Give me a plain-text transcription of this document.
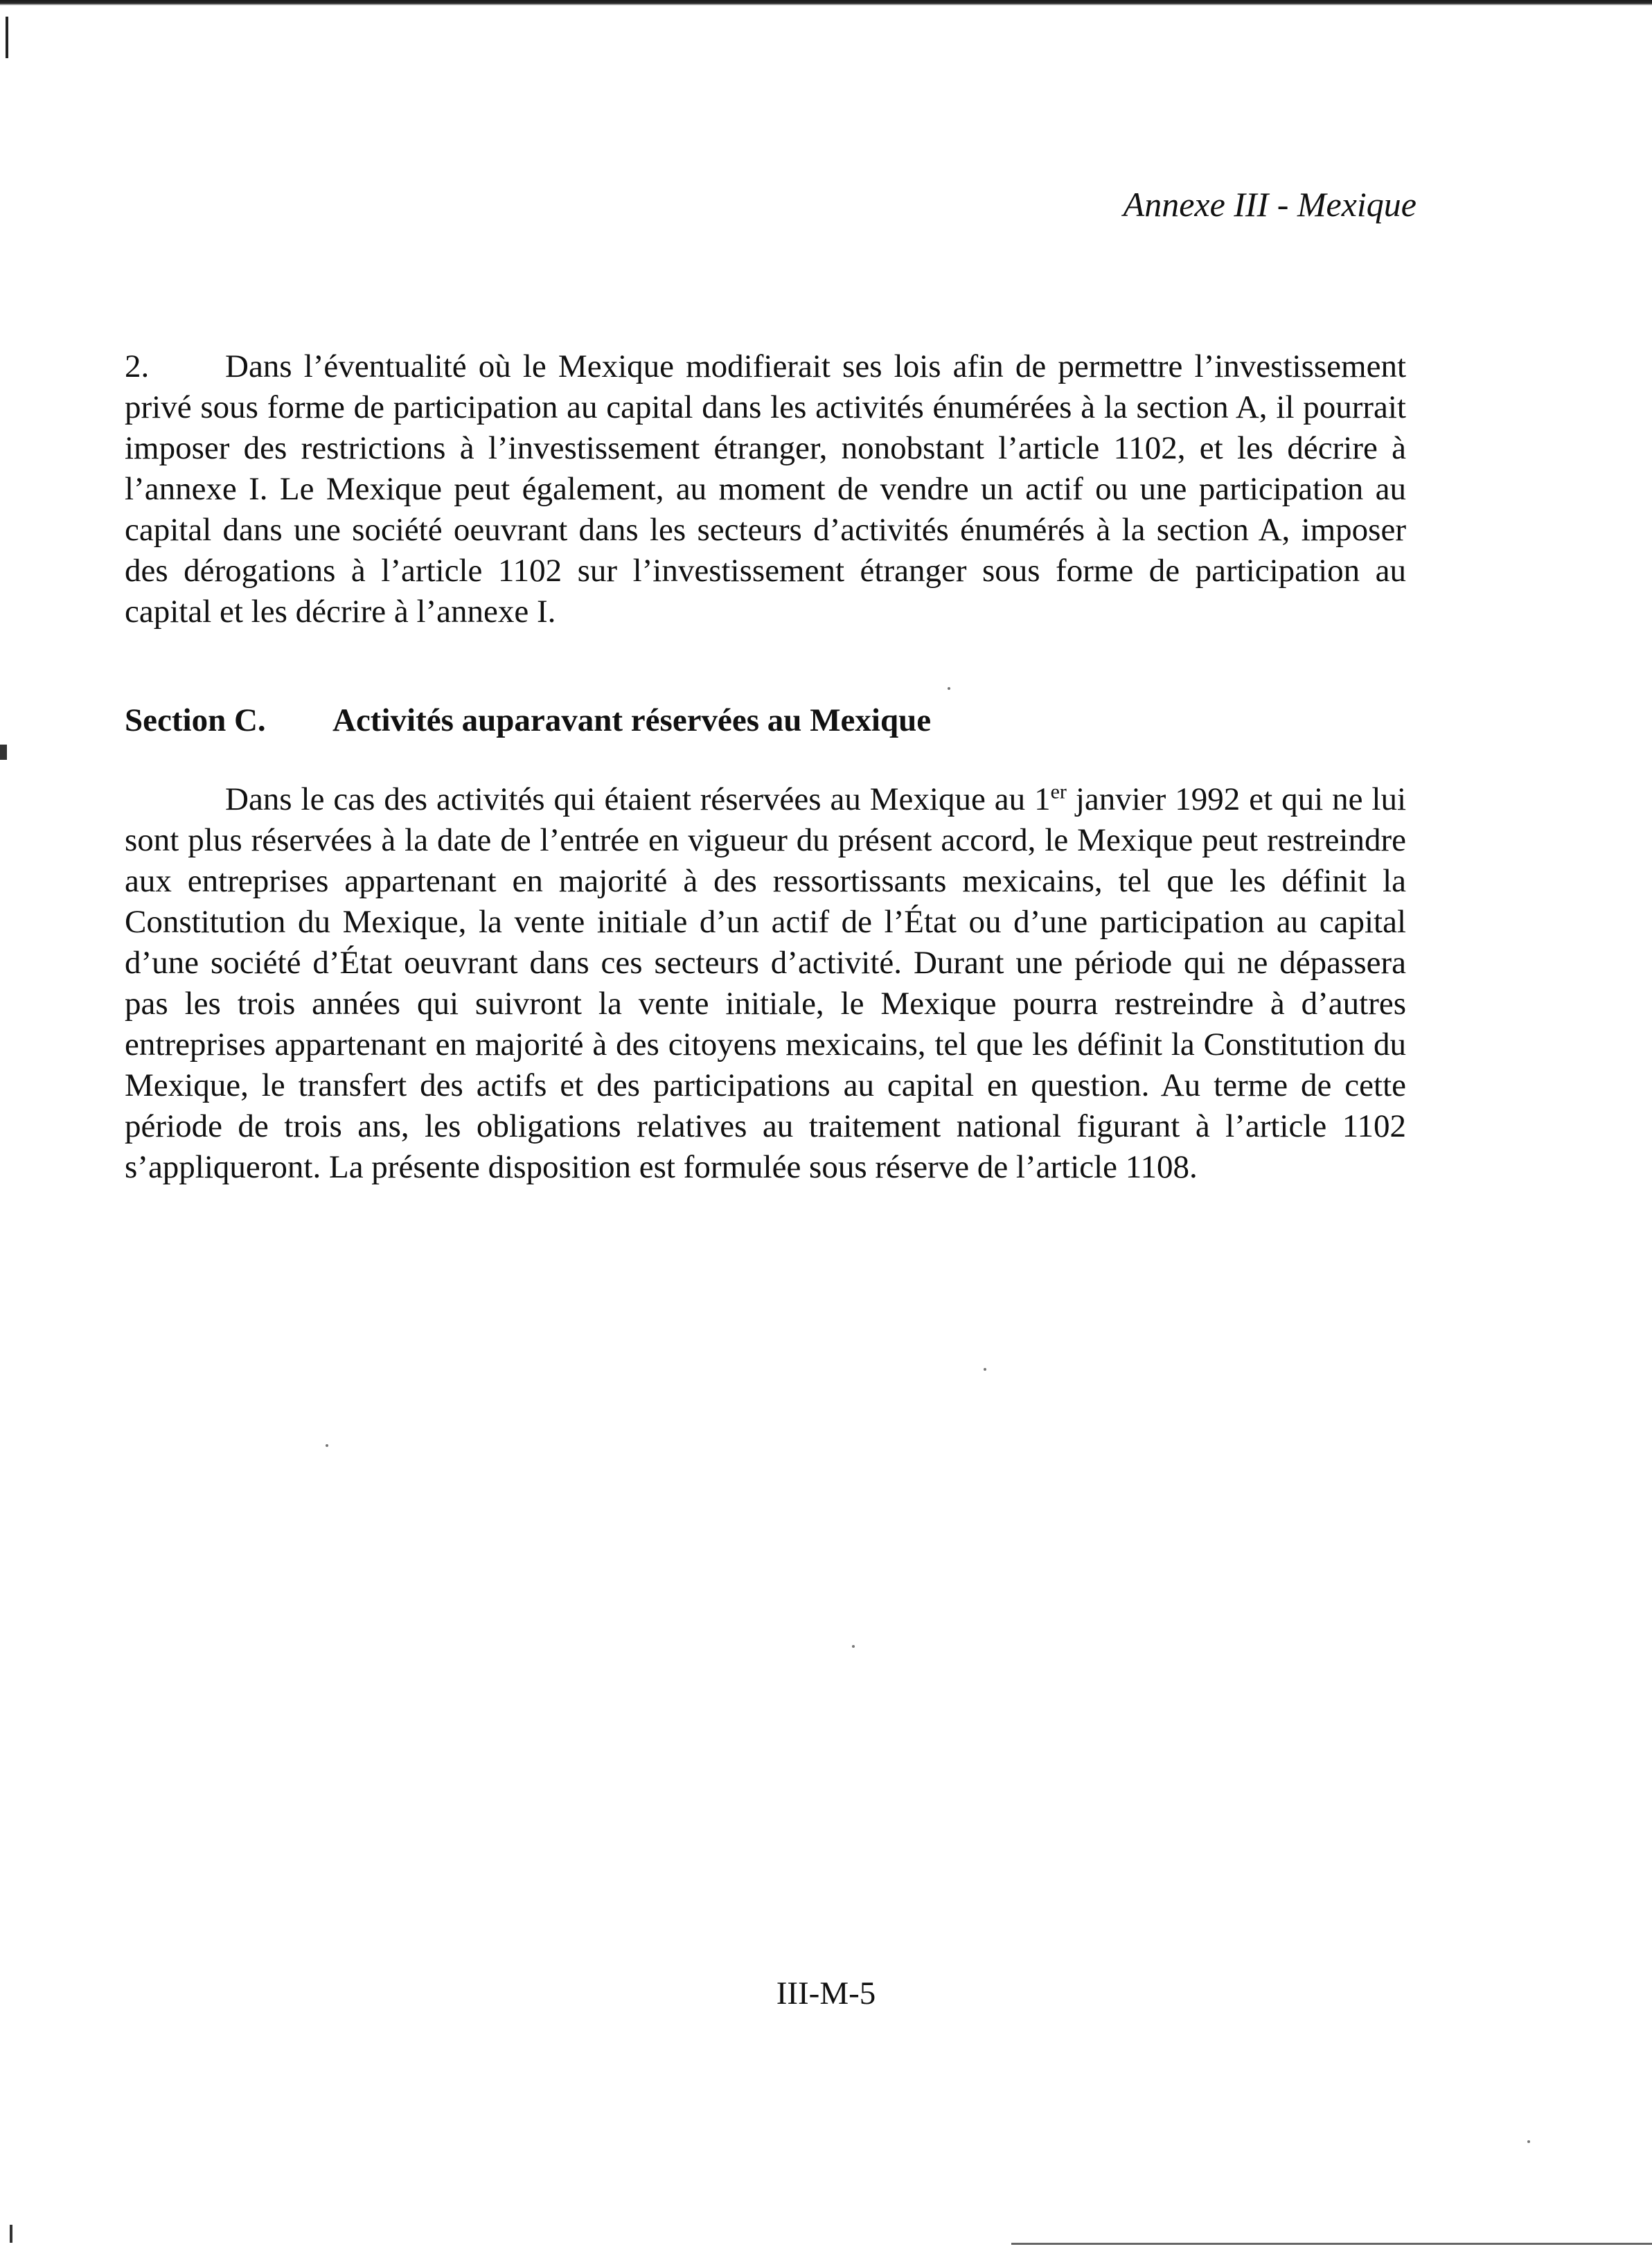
Annexe III - Mexique
2. Dans l’éventualité où le Mexique modifierait ses lois afin de permettre l’investissement privé sous forme de participation au capital dans les activités énumérées à la section A, il pourrait imposer des restrictions à l’investissement étranger, nonobstant l’article 1102, et les décrire à l’annexe I. Le Mexique peut également, au moment de vendre un actif ou une participation au capital dans une société oeuvrant dans les secteurs d’activités énumérés à la section A, imposer des dérogations à l’article 1102 sur l’investissement étranger sous forme de participation au capital et les décrire à l’annexe I.
Section C. Activités auparavant réservées au Mexique
Dans le cas des activités qui étaient réservées au Mexique au 1er janvier 1992 et qui ne lui sont plus réservées à la date de l’entrée en vigueur du présent accord, le Mexique peut restreindre aux entreprises appartenant en majorité à des ressortissants mexicains, tel que les définit la Constitution du Mexique, la vente initiale d’un actif de l’État ou d’une participation au capital d’une société d’État oeuvrant dans ces secteurs d’activité. Durant une période qui ne dépassera pas les trois années qui suivront la vente initiale, le Mexique pourra restreindre à d’autres entreprises appartenant en majorité à des citoyens mexicains, tel que les définit la Constitution du Mexique, le transfert des actifs et des participations au capital en question. Au terme de cette période de trois ans, les obligations relatives au traitement national figurant à l’article 1102 s’appliqueront. La présente disposition est formulée sous réserve de l’article 1108.
III-M-5
